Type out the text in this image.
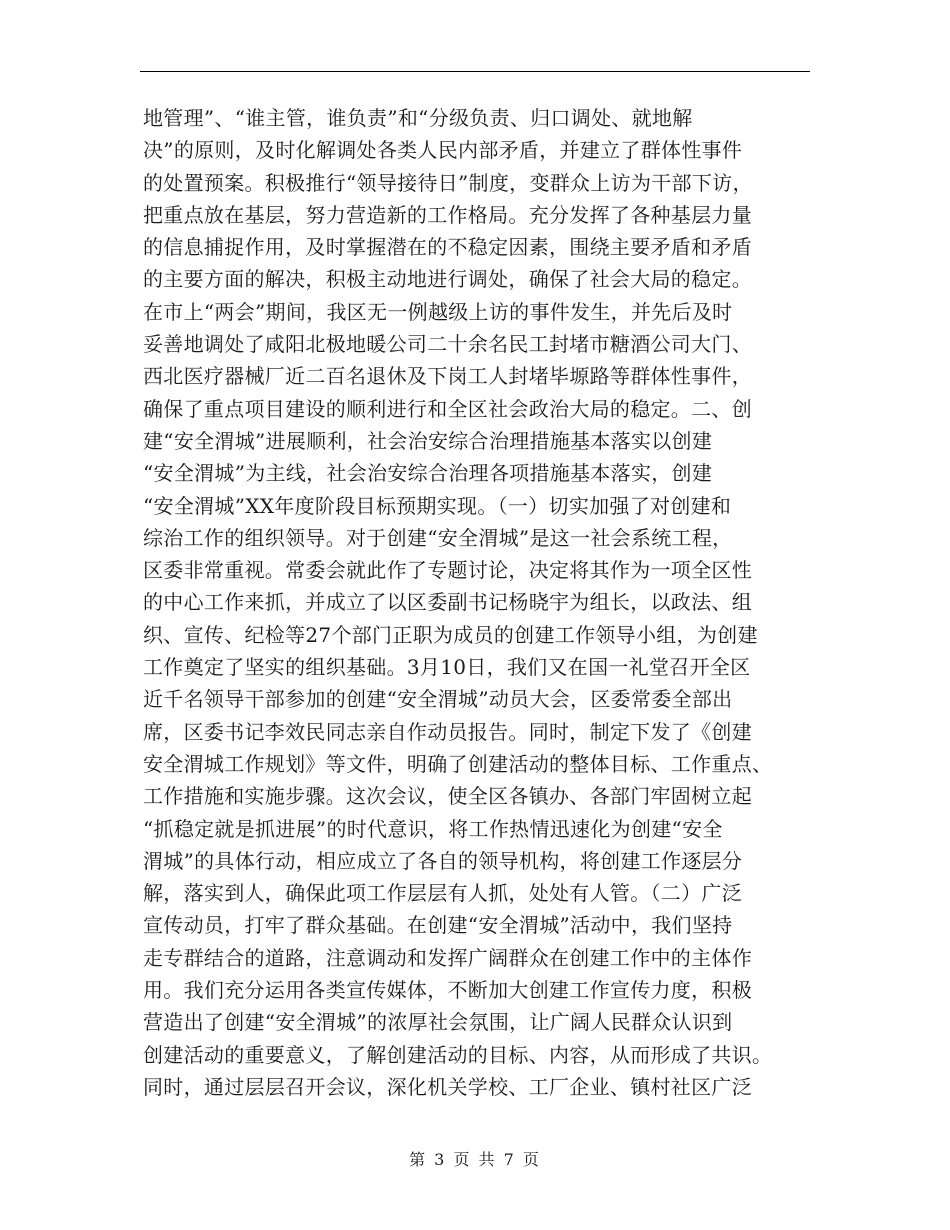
地管理”、“谁主管，谁负责”和“分级负责、归口调处、就地解
决”的原则，及时化解调处各类人民内部矛盾，并建立了群体性事件
的处置预案。积极推行“领导接待日”制度，变群众上访为干部下访，
把重点放在基层，努力营造新的工作格局。充分发挥了各种基层力量
的信息捕捉作用，及时掌握潜在的不稳定因素，围绕主要矛盾和矛盾
的主要方面的解决，积极主动地进行调处，确保了社会大局的稳定。
在市上“两会”期间，我区无一例越级上访的事件发生，并先后及时
妥善地调处了咸阳北极地暖公司二十余名民工封堵市糖酒公司大门、
西北医疗器械厂近二百名退休及下岗工人封堵毕塬路等群体性事件，
确保了重点项目建设的顺利进行和全区社会政治大局的稳定。二、创
建“安全渭城”进展顺利，社会治安综合治理措施基本落实以创建
“安全渭城”为主线，社会治安综合治理各项措施基本落实，创建
“安全渭城”XX年度阶段目标预期实现。（一）切实加强了对创建和
综治工作的组织领导。对于创建“安全渭城”是这一社会系统工程，
区委非常重视。常委会就此作了专题讨论，决定将其作为一项全区性
的中心工作来抓，并成立了以区委副书记杨晓宇为组长，以政法、组
织、宣传、纪检等27个部门正职为成员的创建工作领导小组，为创建
工作奠定了坚实的组织基础。3月10日，我们又在国一礼堂召开全区
近千名领导干部参加的创建“安全渭城”动员大会，区委常委全部出
席，区委书记李效民同志亲自作动员报告。同时，制定下发了《创建
安全渭城工作规划》等文件，明确了创建活动的整体目标、工作重点、
工作措施和实施步骤。这次会议，使全区各镇办、各部门牢固树立起
“抓稳定就是抓进展”的时代意识，将工作热情迅速化为创建“安全
渭城”的具体行动，相应成立了各自的领导机构，将创建工作逐层分
解，落实到人，确保此项工作层层有人抓，处处有人管。（二）广泛
宣传动员，打牢了群众基础。在创建“安全渭城”活动中，我们坚持
走专群结合的道路，注意调动和发挥广阔群众在创建工作中的主体作
用。我们充分运用各类宣传媒体，不断加大创建工作宣传力度，积极
营造出了创建“安全渭城”的浓厚社会氛围，让广阔人民群众认识到
创建活动的重要意义，了解创建活动的目标、内容，从而形成了共识。
同时，通过层层召开会议，深化机关学校、工厂企业、镇村社区广泛
第 3 页 共 7 页
